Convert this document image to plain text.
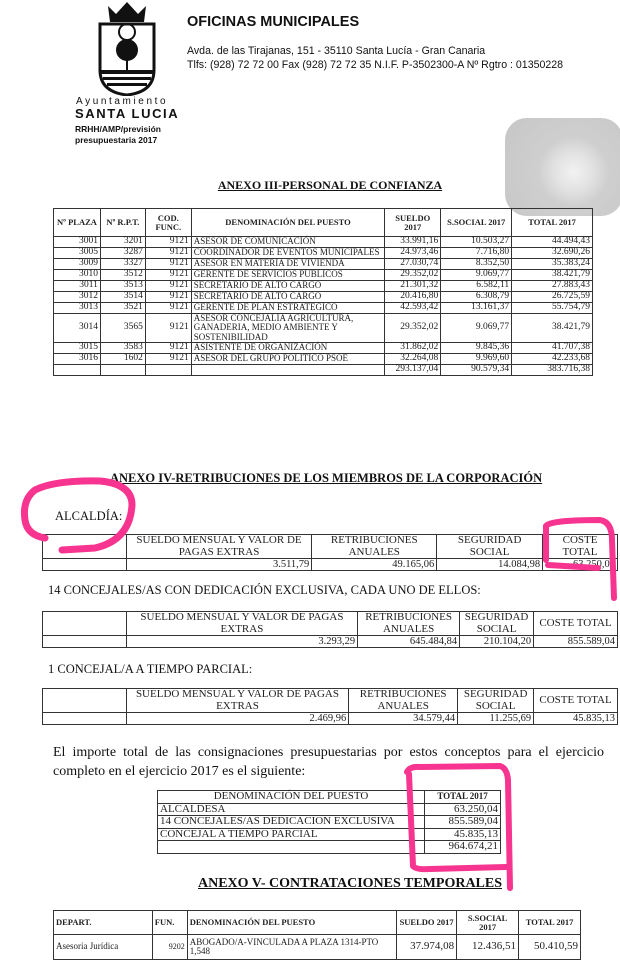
Ayuntamiento
SANTA LUCIA
RRHH/AMP/previsión
presupuestaria 2017
OFICINAS MUNICIPALES
Avda. de las Tirajanas, 151 - 35110 Santa Lucía - Gran Canaria
Tlfs: (928) 72 72 00 Fax (928) 72 72 35 N.I.F. P-3502300-A Nº Rgtro : 01350228
ANEXO III-PERSONAL DE CONFIANZA
Nº PLAZA	Nº R.P.T.	COD. FUNC.	DENOMINACIÓN DEL PUESTO	SUELDO 2017	S.SOCIAL 2017	TOTAL 2017
3001	3201	9121	ASESOR DE COMUNICACIÓN	33.991,16	10.503,27	44.494,43
3005	3287	9121	COORDINADOR DE EVENTOS MUNICIPALES	24.973,46	7.716,80	32.690,26
3009	3327	9121	ASESOR EN MATERIA DE VIVIENDA	27.030,74	8.352,50	35.383,24
3010	3512	9121	GERENTE DE SERVICIOS PUBLICOS	29.352,02	9.069,77	38.421,79
3011	3513	9121	SECRETARIO DE ALTO CARGO	21.301,32	6.582,11	27.883,43
3012	3514	9121	SECRETARIO DE ALTO CARGO	20.416,80	6.308,79	26.725,59
3013	3521	9121	GERENTE DE PLAN ESTRATEGICO	42.593,42	13.161,37	55.754,79
3014	3565	9121	ASESOR CONCEJALIA AGRICULTURA, GANADERIA, MEDIO AMBIENTE Y SOSTENIBILIDAD	29.352,02	9.069,77	38.421,79
3015	3583	9121	ASISTENTE DE ORGANIZACIÓN	31.862,02	9.845,36	41.707,38
3016	1602	9121	ASESOR DEL GRUPO POLITICO PSOE	32.264,08	9.969,60	42.233,68
				293.137,04	90.579,34	383.716,38
ANEXO IV-RETRIBUCIONES DE LOS MIEMBROS DE LA CORPORACIÓN
ALCALDÍA:
	SUELDO MENSUAL Y VALOR DE PAGAS EXTRAS	RETRIBUCIONES ANUALES	SEGURIDAD SOCIAL	COSTE TOTAL
	3.511,79	49.165,06	14.084,98	63.250,04
14 CONCEJALES/AS CON DEDICACIÓN EXCLUSIVA, CADA UNO DE ELLOS:
	SUELDO MENSUAL Y VALOR DE PAGAS EXTRAS	RETRIBUCIONES ANUALES	SEGURIDAD SOCIAL	COSTE TOTAL
	3.293,29	645.484,84	210.104,20	855.589,04
1 CONCEJAL/A A TIEMPO PARCIAL:
	SUELDO MENSUAL Y VALOR DE PAGAS EXTRAS	RETRIBUCIONES ANUALES	SEGURIDAD SOCIAL	COSTE TOTAL
	2.469,96	34.579,44	11.255,69	45.835,13
El importe total de las consignaciones presupuestarias por estos conceptos para el ejercicio completo en el ejercicio 2017 es el siguiente:
DENOMINACIÓN DEL PUESTO	TOTAL 2017
ALCALDESA	63.250,04
14 CONCEJALES/AS DEDICACION EXCLUSIVA	855.589,04
CONCEJAL A TIEMPO PARCIAL	45.835,13
	964.674,21
ANEXO V- CONTRATACIONES TEMPORALES
DEPART.	FUN.	DENOMINACIÓN DEL PUESTO	SUELDO 2017	S.SOCIAL 2017	TOTAL 2017
Asesoría Jurídica	9202	ABOGADO/A-VINCULADA A PLAZA 1314-PTO 1,548	37.974,08	12.436,51	50.410,59
